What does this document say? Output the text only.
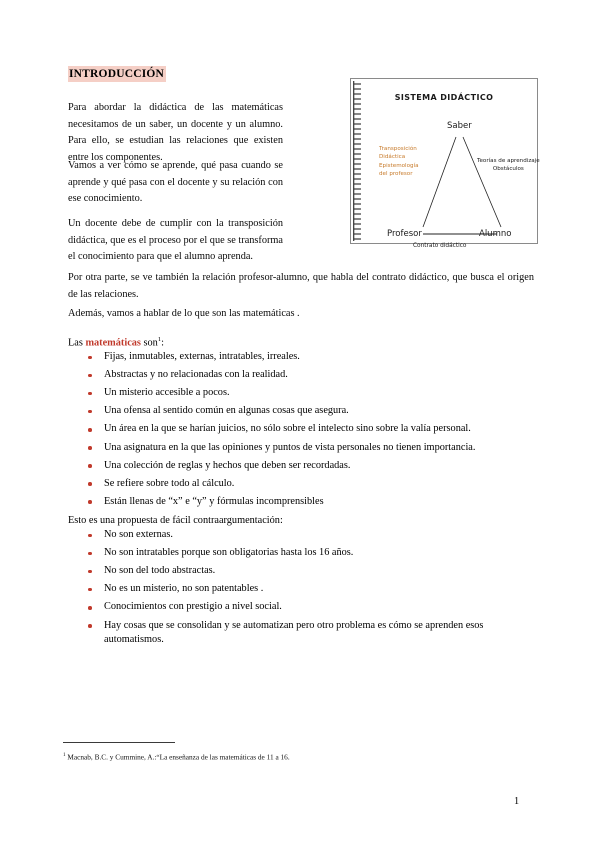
INTRODUCCIÓN
Para abordar la didáctica de las matemáticas necesitamos de un saber, un docente y un alumno. Para ello, se estudian las relaciones que existen entre los componentes.
Vamos a ver cómo se aprende, qué pasa cuando se aprende y qué pasa con el docente y su relación con ese conocimiento.
Un docente debe de cumplir con la transposición didáctica, que es el proceso por el que se transforma el conocimiento para que el alumno aprenda.
Por otra parte, se ve también la relación profesor-alumno, que habla del contrato didáctico, que busca el origen de las relaciones.
Además, vamos a hablar de lo que son las matemáticas .
SISTEMA DIDÁCTICO
Saber
Profesor	Alumno
Transposición
Didáctica
Epistemología
del profesor
Teorías de aprendizaje
Obstáculos
Contrato didáctico
Las matemáticas son$^1$:
Fijas, inmutables, externas, intratables, irreales.
Abstractas y no relacionadas con la realidad.
Un misterio accesible a pocos.
Una ofensa al sentido común en algunas cosas que asegura.
Un área en la que se harían juicios, no sólo sobre el intelecto sino sobre la valía personal.
Una asignatura en la que las opiniones y puntos de vista personales no tienen importancia.
Una colección de reglas y hechos que deben ser recordadas.
Se refiere sobre todo al cálculo.
Están llenas de “x” e “y” y fórmulas incomprensibles
Esto es una propuesta de fácil contraargumentación:
No son externas.
No son intratables porque son obligatorias hasta los 16 años.
No son del todo abstractas.
No es un misterio, no son patentables .
Conocimientos con prestigio a nivel social.
Hay cosas que se consolidan y se automatizan pero otro problema es cómo se aprenden esos automatismos.
$^1$ Macnab, B.C. y Cummine, A.:“La enseñanza de las matemáticas de 11 a 16.
1
